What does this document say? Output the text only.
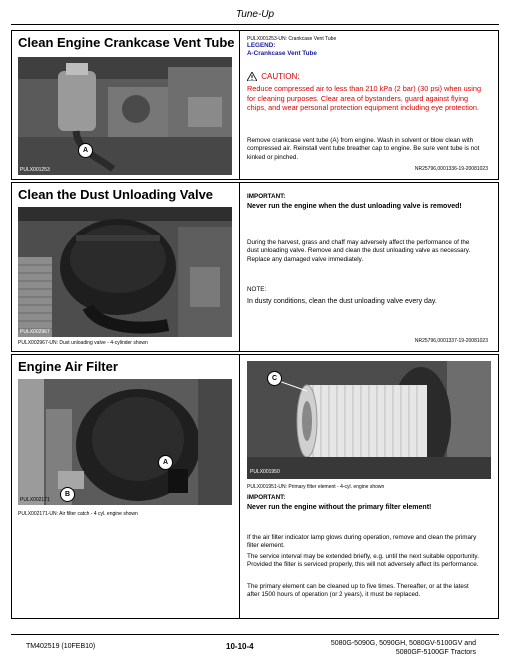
Tune-Up
Clean Engine Crankcase Vent Tube
A
PULX001253
PULX001253-UN: Crankcase Vent Tube
LEGEND:
A-Crankcase Vent Tube
CAUTION:
Reduce compressed air to less than 210 kPa (2 bar) (30 psi) when using for cleaning purposes. Clear area of bystanders, guard against flying chips, and wear personal protection equipment including eye protection.
Remove crankcase vent tube (A) from engine. Wash in solvent or blow clean with compressed air. Reinstall vent tube breather cap to engine. Be sure vent tube is not kinked or pinched.
NR25796,0001336-19-20081023
Clean the Dust Unloading Valve
PULX002967
PULX002967-UN: Dust unloading valve - 4-cylinder shown
IMPORTANT:
Never run the engine when the dust unloading valve is removed!
During the harvest, grass and chaff may adversely affect the performance of the dust unloading valve. Remove and clean the dust unloading valve as necessary. Replace any damaged valve immediately.
NOTE:
In dusty conditions, clean the dust unloading valve every day.
NR25796,0001337-19-20081023
Engine Air Filter
A
B
PULX002171
PULX002171-UN: Air filter catch - 4 cyl. engine shown
C
PULX001950
PULX001951-UN: Primary filter element - 4-cyl. engine shown
IMPORTANT:
Never run the engine without the primary filter element!
If the air filter indicator lamp glows during operation, remove and clean the primary filter element.
The service interval may be extended briefly, e.g. until the next suitable opportunity. Provided the filter is serviced properly, this will not adversely affect its performance.
The primary element can be cleaned up to five times. Thereafter, or at the latest after 1500 hours of operation (or 2 years), it must be replaced.
TM402519 (10FEB10)	10-10-4	5080G-5090G, 5090GH, 5080GV-5100GV and
5080GF-5100GF Tractors
